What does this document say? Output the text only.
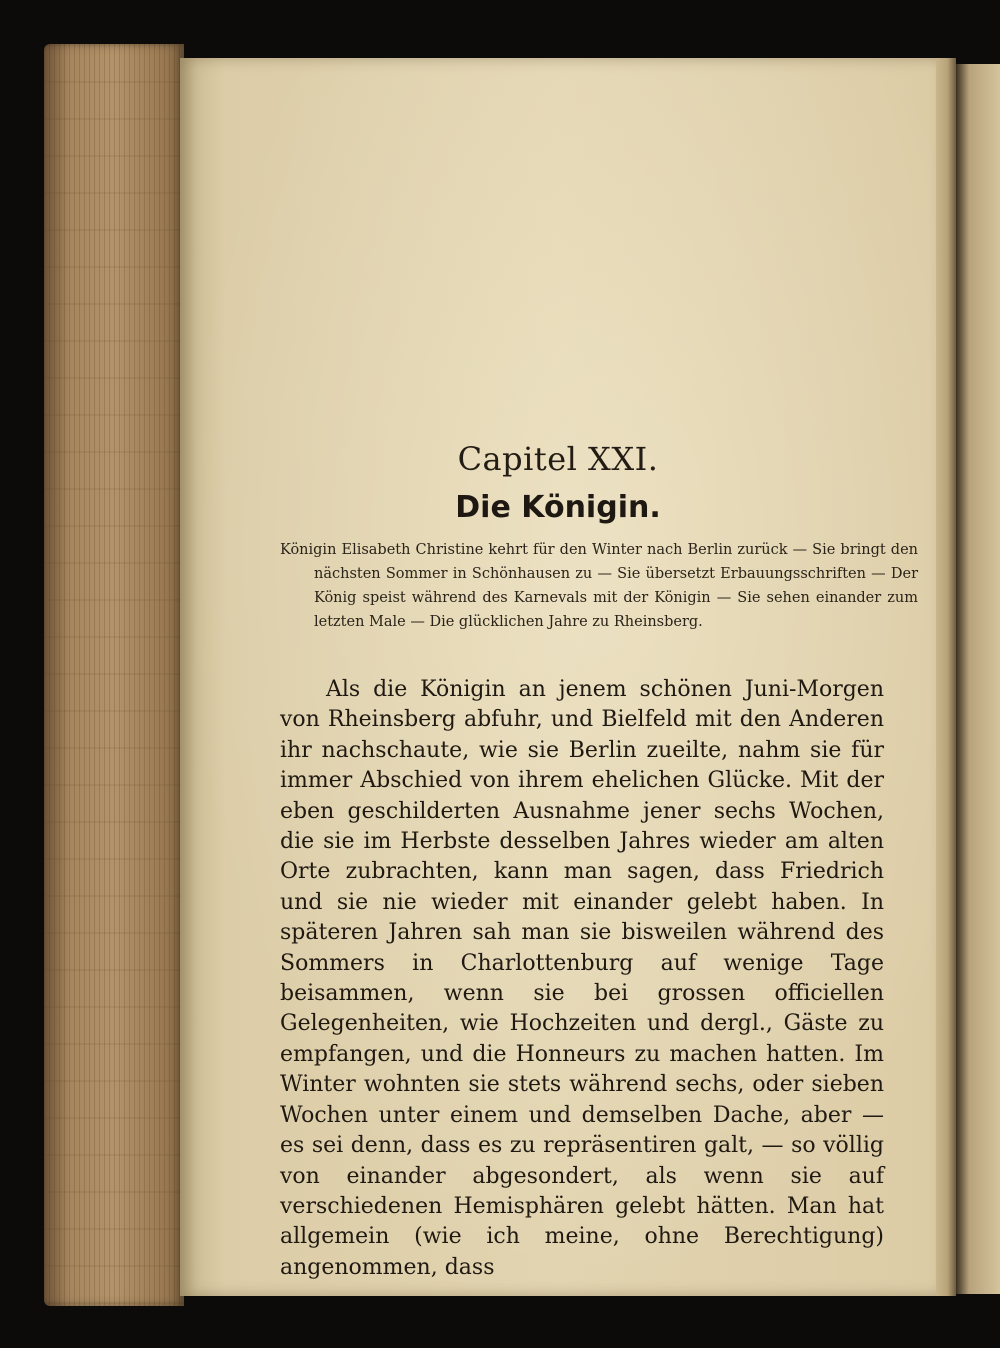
Capitel XXI.
Die Königin.

Königin Elisabeth Christine kehrt für den Winter nach Berlin zurück — Sie bringt den nächsten Sommer in Schönhausen zu — Sie übersetzt Erbauungsschriften — Der König speist während des Karnevals mit der Königin — Sie sehen einander zum letzten Male — Die glücklichen Jahre zu Rheinsberg.

Als die Königin an jenem schönen Juni-Morgen von Rheinsberg abfuhr, und Bielfeld mit den Anderen ihr nachschaute, wie sie Berlin zueilte, nahm sie für immer Abschied von ihrem ehelichen Glücke. Mit der eben geschilderten Ausnahme jener sechs Wochen, die sie im Herbste desselben Jahres wieder am alten Orte zubrachten, kann man sagen, dass Friedrich und sie nie wieder mit einander gelebt haben. In späteren Jahren sah man sie bisweilen während des Sommers in Charlottenburg auf wenige Tage beisammen, wenn sie bei grossen officiellen Gelegenheiten, wie Hochzeiten und dergl., Gäste zu empfangen, und die Honneurs zu machen hatten. Im Winter wohnten sie stets während sechs, oder sieben Wochen unter einem und demselben Dache, aber — es sei denn, dass es zu repräsentiren galt, — so völlig von einander abgesondert, als wenn sie auf verschiedenen Hemisphären gelebt hätten. Man hat allgemein (wie ich meine, ohne Berechtigung) angenommen, dass
